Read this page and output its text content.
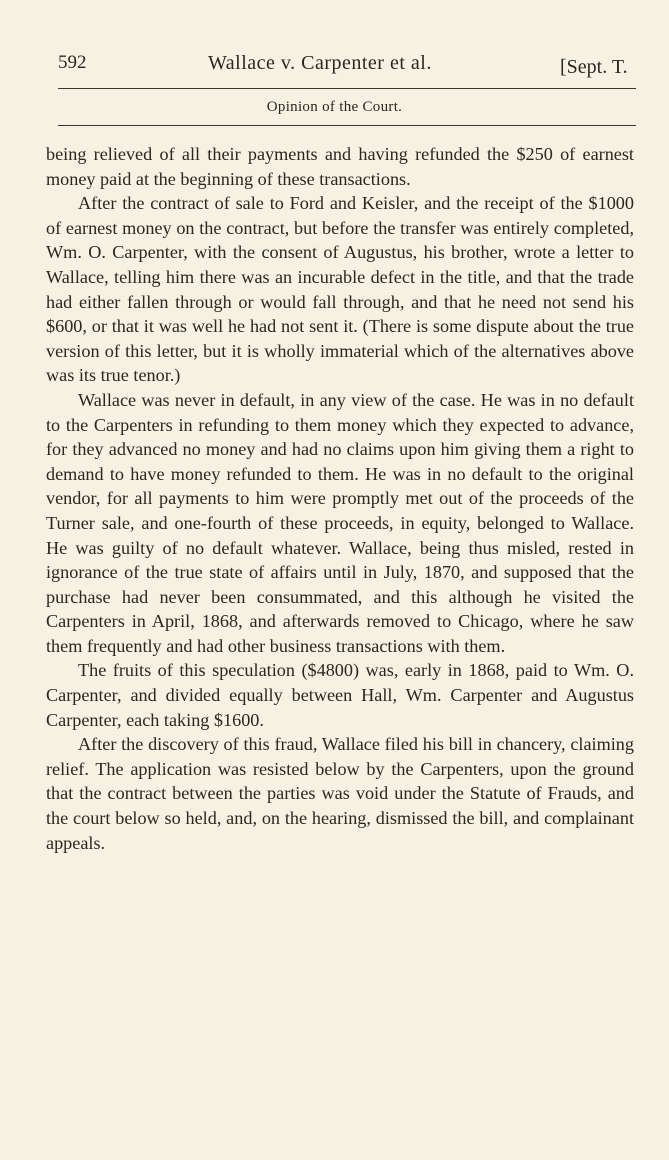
592	Wallace v. Carpenter et al.	[Sept. T.
Opinion of the Court.

being relieved of all their payments and having refunded the $250 of earnest money paid at the beginning of these transactions.

After the contract of sale to Ford and Keisler, and the receipt of the $1000 of earnest money on the contract, but before the transfer was entirely completed, Wm. O. Carpenter, with the consent of Augustus, his brother, wrote a letter to Wallace, telling him there was an incurable defect in the title, and that the trade had either fallen through or would fall through, and that he need not send his $600, or that it was well he had not sent it. (There is some dispute about the true version of this letter, but it is wholly immaterial which of the alternatives above was its true tenor.)

Wallace was never in default, in any view of the case. He was in no default to the Carpenters in refunding to them money which they expected to advance, for they advanced no money and had no claims upon him giving them a right to demand to have money refunded to them. He was in no default to the original vendor, for all payments to him were promptly met out of the proceeds of the Turner sale, and one-fourth of these proceeds, in equity, belonged to Wallace. He was guilty of no default whatever. Wallace, being thus misled, rested in ignorance of the true state of affairs until in July, 1870, and supposed that the purchase had never been consummated, and this although he visited the Carpenters in April, 1868, and afterwards removed to Chicago, where he saw them frequently and had other business transactions with them.

The fruits of this speculation ($4800) was, early in 1868, paid to Wm. O. Carpenter, and divided equally between Hall, Wm. Carpenter and Augustus Carpenter, each taking $1600.

After the discovery of this fraud, Wallace filed his bill in chancery, claiming relief. The application was resisted below by the Carpenters, upon the ground that the contract between the parties was void under the Statute of Frauds, and the court below so held, and, on the hearing, dismissed the bill, and complainant appeals.
